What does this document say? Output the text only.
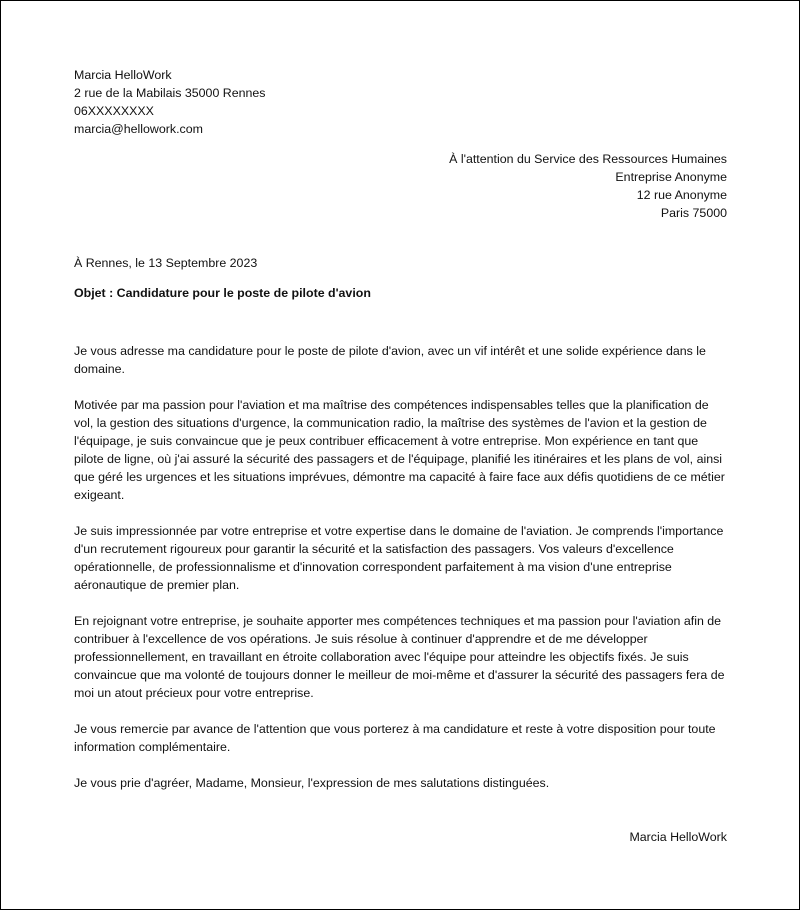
Marcia HelloWork
2 rue de la Mabilais 35000 Rennes
06XXXXXXXX
marcia@hellowork.com
À l'attention du Service des Ressources Humaines
Entreprise Anonyme
12 rue Anonyme
Paris 75000
À Rennes, le 13 Septembre 2023
Objet : Candidature pour le poste de pilote d'avion

Je vous adresse ma candidature pour le poste de pilote d'avion, avec un vif intérêt et une solide expérience dans le domaine.

Motivée par ma passion pour l'aviation et ma maîtrise des compétences indispensables telles que la planification de vol, la gestion des situations d'urgence, la communication radio, la maîtrise des systèmes de l'avion et la gestion de l'équipage, je suis convaincue que je peux contribuer efficacement à votre entreprise. Mon expérience en tant que pilote de ligne, où j'ai assuré la sécurité des passagers et de l'équipage, planifié les itinéraires et les plans de vol, ainsi que géré les urgences et les situations imprévues, démontre ma capacité à faire face aux défis quotidiens de ce métier exigeant.

Je suis impressionnée par votre entreprise et votre expertise dans le domaine de l'aviation. Je comprends l'importance d'un recrutement rigoureux pour garantir la sécurité et la satisfaction des passagers. Vos valeurs d'excellence opérationnelle, de professionnalisme et d'innovation correspondent parfaitement à ma vision d'une entreprise aéronautique de premier plan.

En rejoignant votre entreprise, je souhaite apporter mes compétences techniques et ma passion pour l'aviation afin de contribuer à l'excellence de vos opérations. Je suis résolue à continuer d'apprendre et de me développer professionnellement, en travaillant en étroite collaboration avec l'équipe pour atteindre les objectifs fixés. Je suis convaincue que ma volonté de toujours donner le meilleur de moi-même et d'assurer la sécurité des passagers fera de moi un atout précieux pour votre entreprise.

Je vous remercie par avance de l'attention que vous porterez à ma candidature et reste à votre disposition pour toute information complémentaire.

Je vous prie d'agréer, Madame, Monsieur, l'expression de mes salutations distinguées.

Marcia HelloWork
